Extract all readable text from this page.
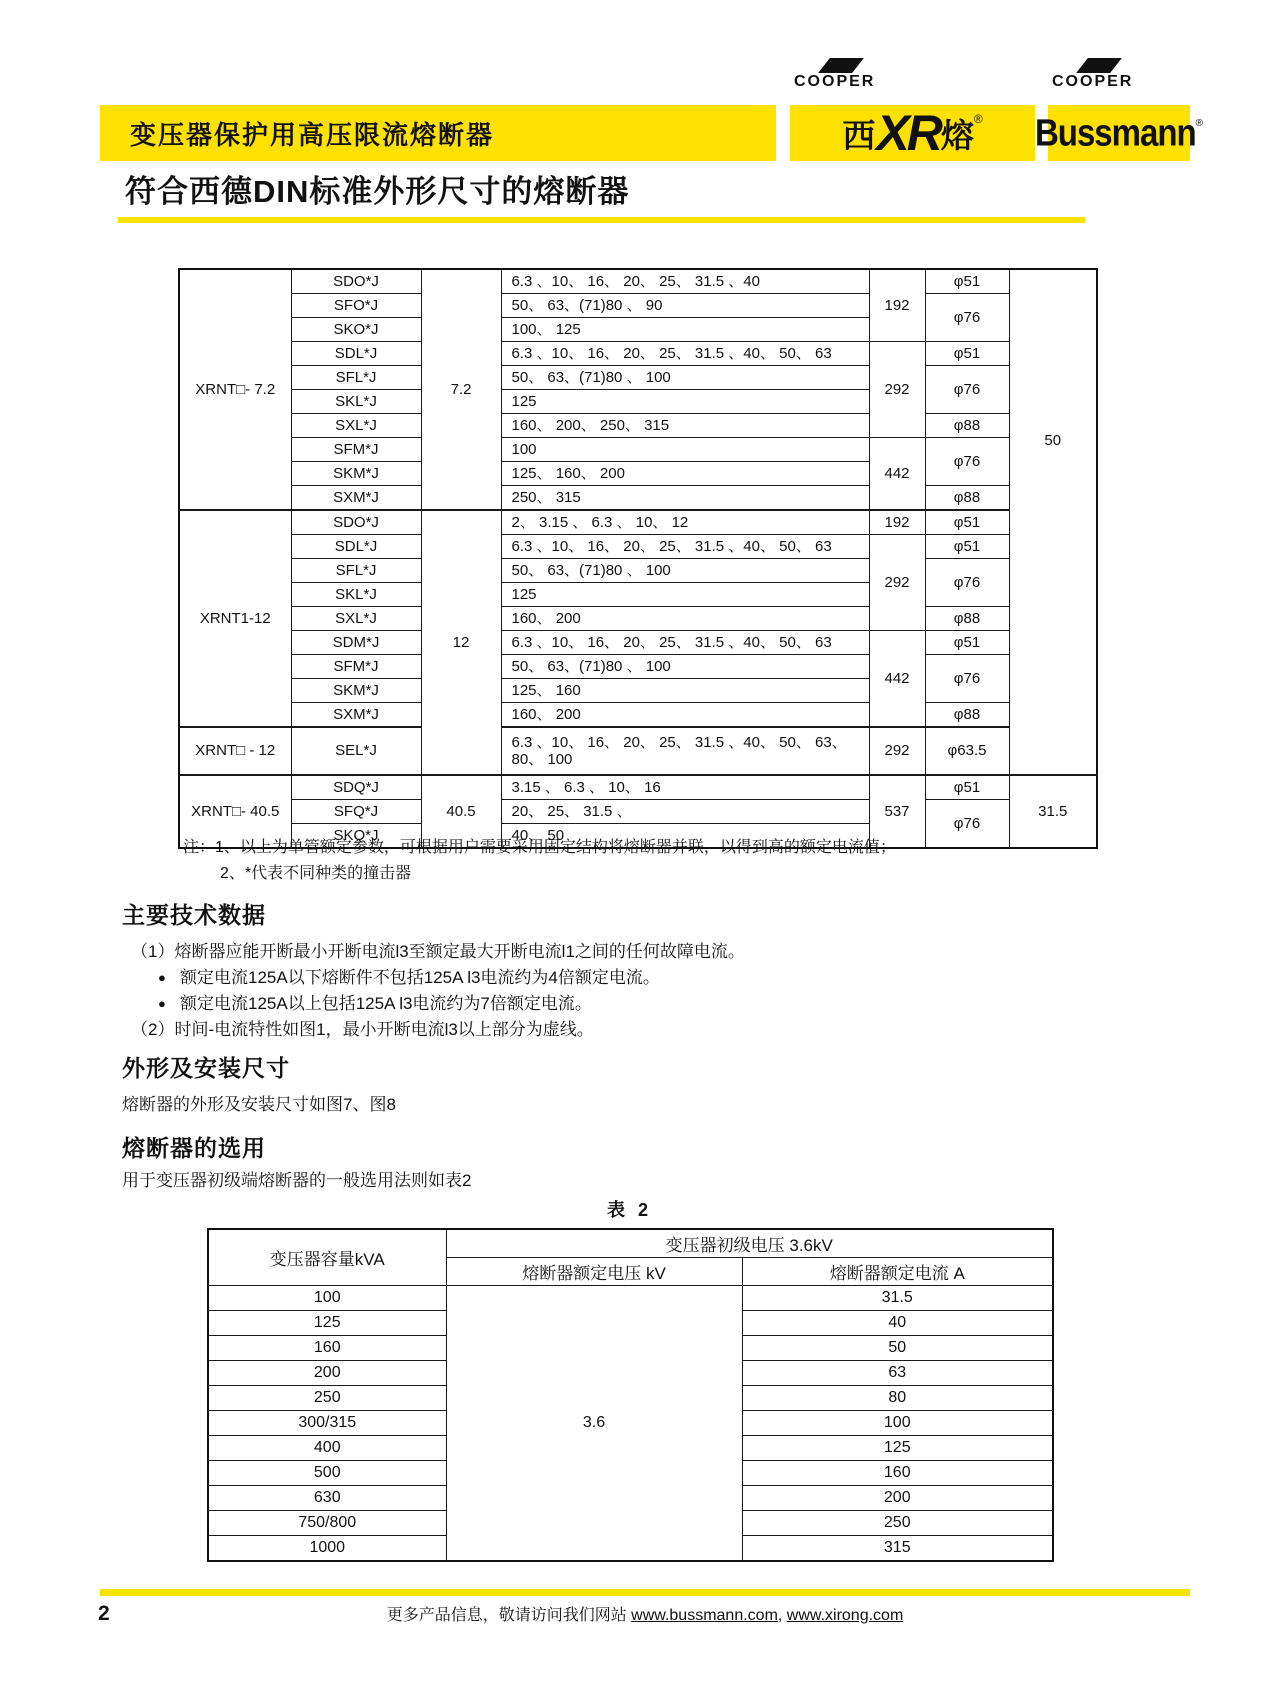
变压器保护用高压限流熔断器
COOPER
西 XR 熔 ®
COOPER
Bussmann ®
符合西德DIN标准外形尺寸的熔断器
XRNT□- 7.2	SDO*J	7.2	6.3 、10、 16、 20、 25、 31.5 、40	192	φ51	50
	SFO*J		50、 63、(71)80 、 90		φ76	
	SKO*J		100、 125			
	SDL*J		6.3 、10、 16、 20、 25、 31.5 、40、 50、 63	292	φ51	
	SFL*J		50、 63、(71)80 、 100		φ76	
	SKL*J		125			
	SXL*J		160、 200、 250、 315		φ88	
	SFM*J		100	442	φ76	
	SKM*J		125、 160、 200			
	SXM*J		250、 315		φ88	
XRNT1-12	SDO*J	12	2、 3.15 、 6.3 、 10、 12	192	φ51	
	SDL*J		6.3 、10、 16、 20、 25、 31.5 、40、 50、 63	292	φ51	
	SFL*J		50、 63、(71)80 、 100		φ76	
	SKL*J		125			
	SXL*J		160、 200		φ88	
	SDM*J		6.3 、10、 16、 20、 25、 31.5 、40、 50、 63	442	φ51	
	SFM*J		50、 63、(71)80 、 100		φ76	
	SKM*J		125、 160			
	SXM*J		160、 200		φ88	
XRNT□ - 12	SEL*J		6.3 、10、 16、 20、 25、 31.5 、40、 50、 63、 80、 100	292	φ63.5	
XRNT□- 40.5	SDQ*J	40.5	3.15 、 6.3 、 10、 16	537	φ51	31.5
	SFQ*J		20、 25、 31.5 、		φ76	
	SKQ*J		40、 50			
注：1、以上为单管额定参数，可根据用户需要采用固定结构将熔断器并联，以得到高的额定电流值；
2、*代表不同种类的撞击器
主要技术数据
（1）熔断器应能开断最小开断电流l3至额定最大开断电流l1之间的任何故障电流。
● 额定电流125A以下熔断件不包括125A l3电流约为4倍额定电流。
● 额定电流125A以上包括125A l3电流约为7倍额定电流。
（2）时间-电流特性如图1，最小开断电流l3以上部分为虚线。
外形及安装尺寸
熔断器的外形及安装尺寸如图7、图8
熔断器的选用
用于变压器初级端熔断器的一般选用法则如表2
表 2
变压器容量kVA	变压器初级电压 3.6kV	
	熔断器额定电压 kV	熔断器额定电流 A
100	3.6	31.5
125		40
160		50
200		63
250		80
300/315		100
400		125
500		160
630		200
750/800		250
1000		315
2	更多产品信息，敬请访问我们网站 www.bussmann.com, www.xirong.com
